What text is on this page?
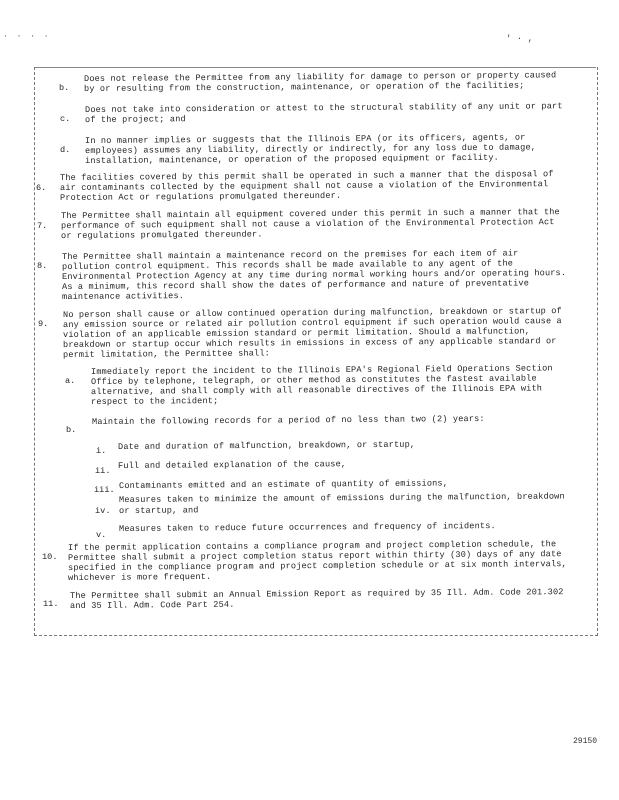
· · · ·	' · ,
b.
Does not release the Permittee from any liability for damage to person or property caused
by or resulting from the construction, maintenance, or operation of the facilities;
c.
Does not take into consideration or attest to the structural stability of any unit or part
of the project; and
d.
In no manner implies or suggests that the Illinois EPA (or its officers, agents, or
employees) assumes any liability, directly or indirectly, for any loss due to damage,
installation, maintenance, or operation of the proposed equipment or facility.
6.
The facilities covered by this permit shall be operated in such a manner that the disposal of
air contaminants collected by the equipment shall not cause a violation of the Environmental
Protection Act or regulations promulgated thereunder.
7.
The Permittee shall maintain all equipment covered under this permit in such a manner that the
performance of such equipment shall not cause a violation of the Environmental Protection Act
or regulations promulgated thereunder.
8.
The Permittee shall maintain a maintenance record on the premises for each item of air
pollution control equipment. This records shall be made available to any agent of the
Environmental Protection Agency at any time during normal working hours and/or operating hours.
As a minimum, this record shall show the dates of performance and nature of preventative
maintenance activities.
9.
No person shall cause or allow continued operation during malfunction, breakdown or startup of
any emission source or related air pollution control equipment if such operation would cause a
violation of an applicable emission standard or permit limitation. Should a malfunction,
breakdown or startup occur which results in emissions in excess of any applicable standard or
permit limitation, the Permittee shall:
a.
Immediately report the incident to the Illinois EPA's Regional Field Operations Section
Office by telephone, telegraph, or other method as constitutes the fastest available
alternative, and shall comply with all reasonable directives of the Illinois EPA with
respect to the incident;
b.
Maintain the following records for a period of no less than two (2) years:
i. Date and duration of malfunction, breakdown, or startup,
ii.
Full and detailed explanation of the cause,
iii. Contaminants emitted and an estimate of quantity of emissions,
iv.
Measures taken to minimize the amount of emissions during the malfunction, breakdown
or startup, and
v.
Measures taken to reduce future occurrences and frequency of incidents.
10.
If the permit application contains a compliance program and project completion schedule, the
Permittee shall submit a project completion status report within thirty (30) days of any date
specified in the compliance program and project completion schedule or at six month intervals,
whichever is more frequent.
11.
The Permittee shall submit an Annual Emission Report as required by 35 Ill. Adm. Code 201.302
and 35 Ill. Adm. Code Part 254.
29150
